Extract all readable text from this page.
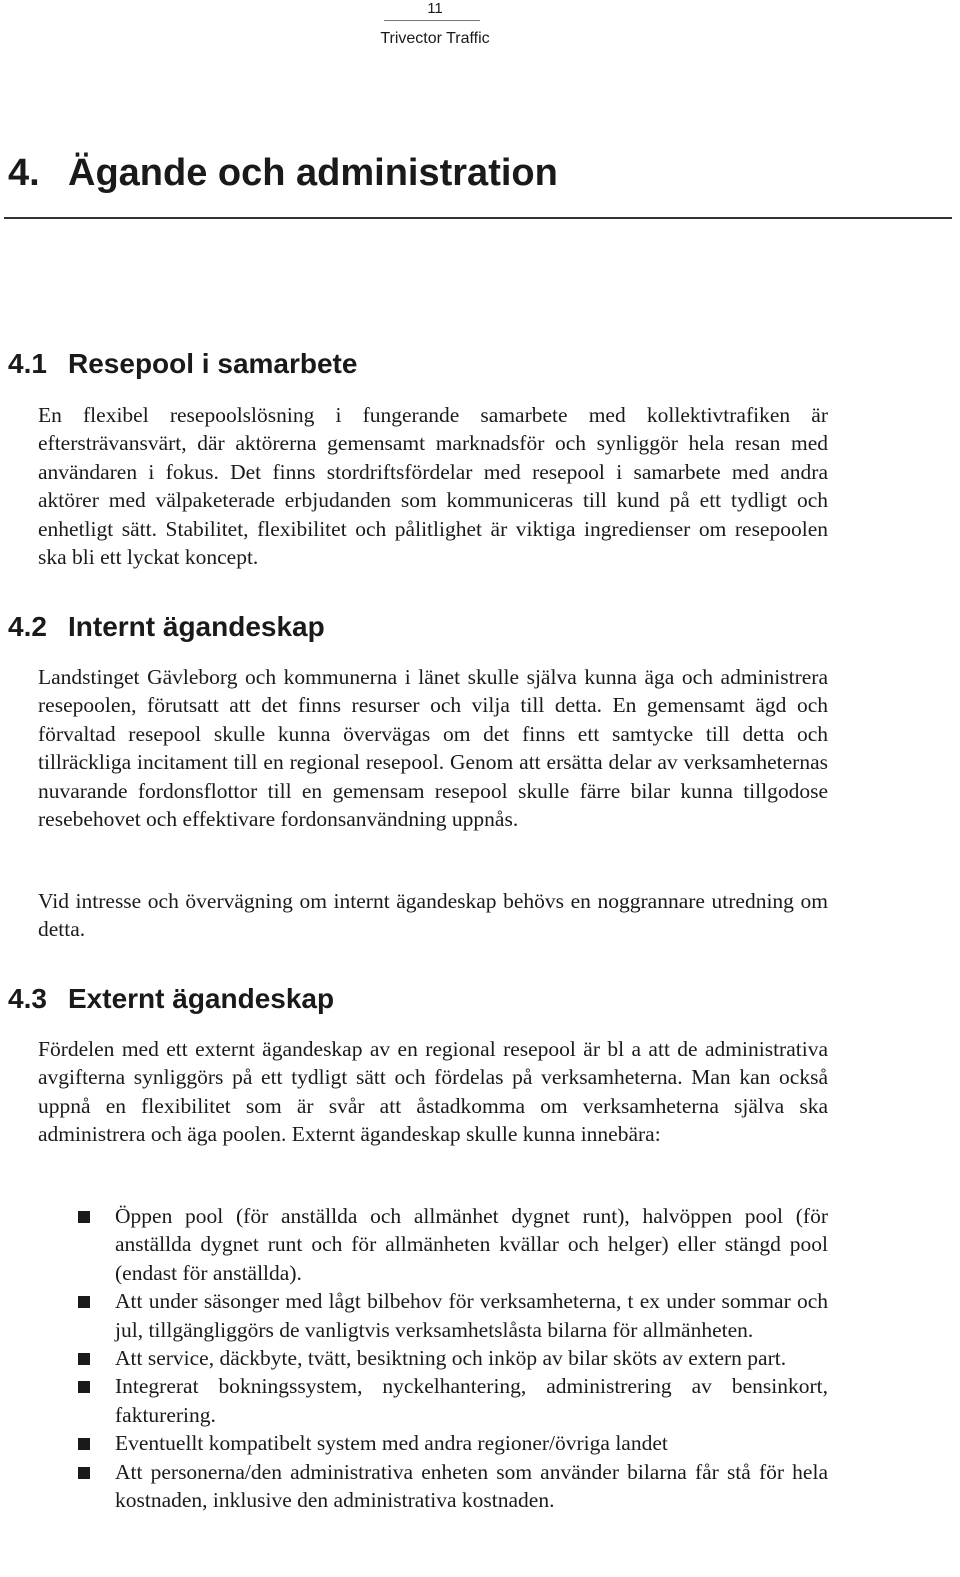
11
Trivector Traffic
4. Ägande och administration
4.1 Resepool i samarbete

En flexibel resepoolslösning i fungerande samarbete med kollektivtrafiken är eftersträvansvärt, där aktörerna gemensamt marknadsför och synliggör hela resan med användaren i fokus. Det finns stordriftsfördelar med resepool i samarbete med andra aktörer med välpaketerade erbjudanden som kommuniceras till kund på ett tydligt och enhetligt sätt. Stabilitet, flexibilitet och pålitlighet är viktiga ingredienser om resepoolen ska bli ett lyckat koncept.

4.2 Internt ägandeskap

Landstinget Gävleborg och kommunerna i länet skulle själva kunna äga och administrera resepoolen, förutsatt att det finns resurser och vilja till detta. En gemensamt ägd och förvaltad resepool skulle kunna övervägas om det finns ett samtycke till detta och tillräckliga incitament till en regional resepool. Genom att ersätta delar av verksamheternas nuvarande fordonsflottor till en gemensam resepool skulle färre bilar kunna tillgodose resebehovet och effektivare fordonsanvändning uppnås.

Vid intresse och övervägning om internt ägandeskap behövs en noggrannare utredning om detta.

4.3 Externt ägandeskap

Fördelen med ett externt ägandeskap av en regional resepool är bl a att de administrativa avgifterna synliggörs på ett tydligt sätt och fördelas på verksamheterna. Man kan också uppnå en flexibilitet som är svår att åstadkomma om verksamheterna själva ska administrera och äga poolen. Externt ägandeskap skulle kunna innebära:

Öppen pool (för anställda och allmänhet dygnet runt), halvöppen pool (för anställda dygnet runt och för allmänheten kvällar och helger) eller stängd pool (endast för anställda).
Att under säsonger med lågt bilbehov för verksamheterna, t ex under sommar och jul, tillgängliggörs de vanligtvis verksamhetslåsta bilarna för allmänheten.
Att service, däckbyte, tvätt, besiktning och inköp av bilar sköts av extern part.
Integrerat bokningssystem, nyckelhantering, administrering av bensinkort, fakturering.
Eventuellt kompatibelt system med andra regioner/övriga landet
Att personerna/den administrativa enheten som använder bilarna får stå för hela kostnaden, inklusive den administrativa kostnaden.
